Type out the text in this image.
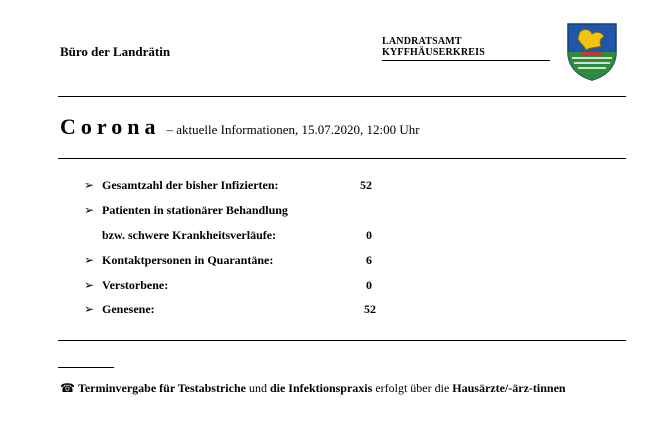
Büro der Landrätin
LANDRATSAMT
KYFFHÄUSERKREIS
Corona – aktuelle Informationen, 15.07.2020, 12:00 Uhr
➢ Gesamtzahl der bisher Infizierten:	52
➢ Patienten in stationärer Behandlung
bzw. schwere Krankheitsverläufe:	0
➢ Kontaktpersonen in Quarantäne:	6
➢ Verstorbene:	0
➢ Genesene:	52
☎ Terminvergabe für Testabstriche und die Infektionspraxis erfolgt über die Hausärzte/-ärz-tinnen
